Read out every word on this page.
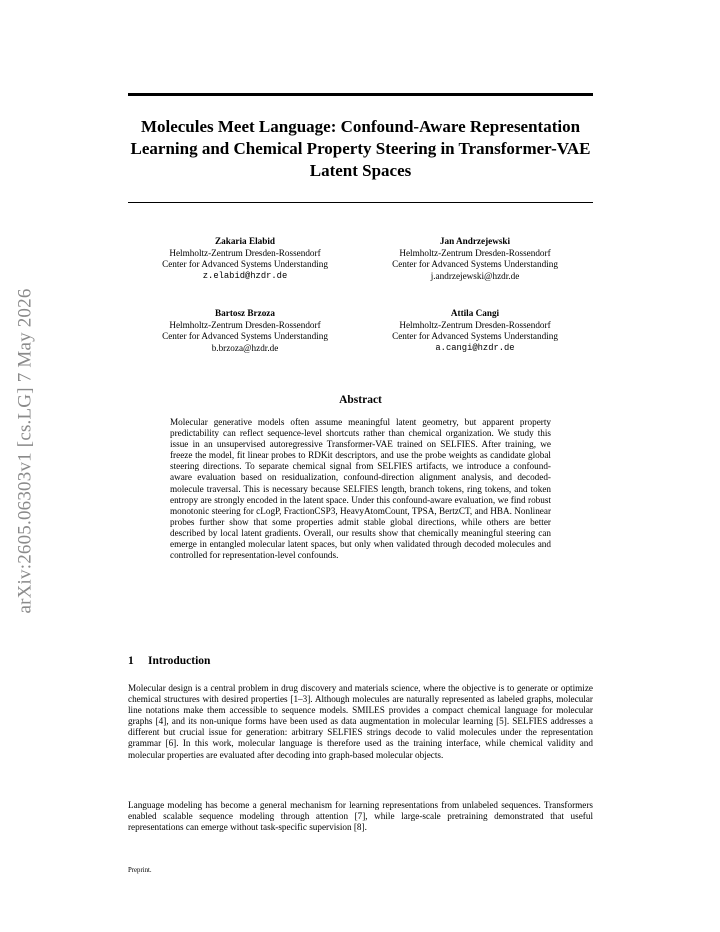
arXiv:2605.06303v1 [cs.LG] 7 May 2026
Molecules Meet Language: Confound-Aware Representation Learning and Chemical Property Steering in Transformer-VAE Latent Spaces
Zakaria Elabid
Helmholtz-Zentrum Dresden-Rossendorf
Center for Advanced Systems Understanding
z.elabid@hzdr.de
Jan Andrzejewski
Helmholtz-Zentrum Dresden-Rossendorf
Center for Advanced Systems Understanding
j.andrzejewski@hzdr.de
Bartosz Brzoza
Helmholtz-Zentrum Dresden-Rossendorf
Center for Advanced Systems Understanding
b.brzoza@hzdr.de
Attila Cangi
Helmholtz-Zentrum Dresden-Rossendorf
Center for Advanced Systems Understanding
a.cangi@hzdr.de
Abstract

Molecular generative models often assume meaningful latent geometry, but apparent property predictability can reflect sequence-level shortcuts rather than chemical organization. We study this issue in an unsupervised autoregressive Transformer-VAE trained on SELFIES. After training, we freeze the model, fit linear probes to RDKit descriptors, and use the probe weights as candidate global steering directions. To separate chemical signal from SELFIES artifacts, we introduce a confound-aware evaluation based on residualization, confound-direction alignment analysis, and decoded-molecule traversal. This is necessary because SELFIES length, branch tokens, ring tokens, and token entropy are strongly encoded in the latent space. Under this confound-aware evaluation, we find robust monotonic steering for cLogP, FractionCSP3, HeavyAtomCount, TPSA, BertzCT, and HBA. Nonlinear probes further show that some properties admit stable global directions, while others are better described by local latent gradients. Overall, our results show that chemically meaningful steering can emerge in entangled molecular latent spaces, but only when validated through decoded molecules and controlled for representation-level confounds.

1 Introduction

Molecular design is a central problem in drug discovery and materials science, where the objective is to generate or optimize chemical structures with desired properties [1–3]. Although molecules are naturally represented as labeled graphs, molecular line notations make them accessible to sequence models. SMILES provides a compact chemical language for molecular graphs [4], and its non-unique forms have been used as data augmentation in molecular learning [5]. SELFIES addresses a different but crucial issue for generation: arbitrary SELFIES strings decode to valid molecules under the representation grammar [6]. In this work, molecular language is therefore used as the training interface, while chemical validity and molecular properties are evaluated after decoding into graph-based molecular objects.

Language modeling has become a general mechanism for learning representations from unlabeled sequences. Transformers enabled scalable sequence modeling through attention [7], while large-scale pretraining demonstrated that useful representations can emerge without task-specific supervision [8].

Preprint.
